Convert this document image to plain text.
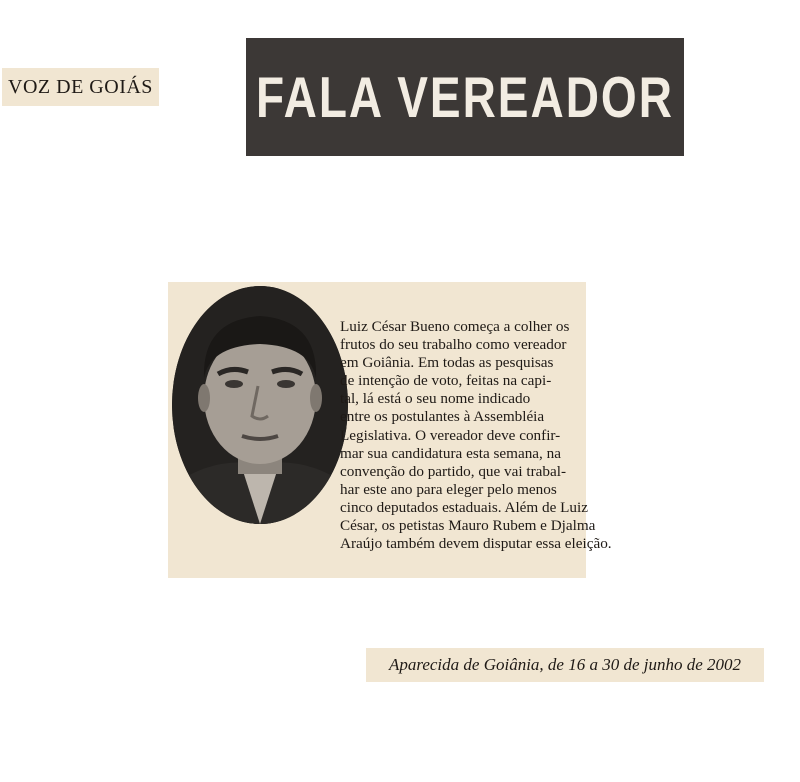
VOZ DE GOIÁS FALA VEREADOR
Luiz César Bueno começa a colher os
frutos do seu trabalho como vereador
em Goiânia. Em todas as pesquisas
de intenção de voto, feitas na capi-
tal, lá está o seu nome indicado
entre os postulantes à Assembléia
Legislativa. O vereador deve confir-
mar sua candidatura esta semana, na
convenção do partido, que vai trabal-
har este ano para eleger pelo menos
cinco deputados estaduais. Além de Luiz
César, os petistas Mauro Rubem e Djalma
Araújo também devem disputar essa eleição.
Aparecida de Goiânia, de 16 a 30 de junho de 2002
